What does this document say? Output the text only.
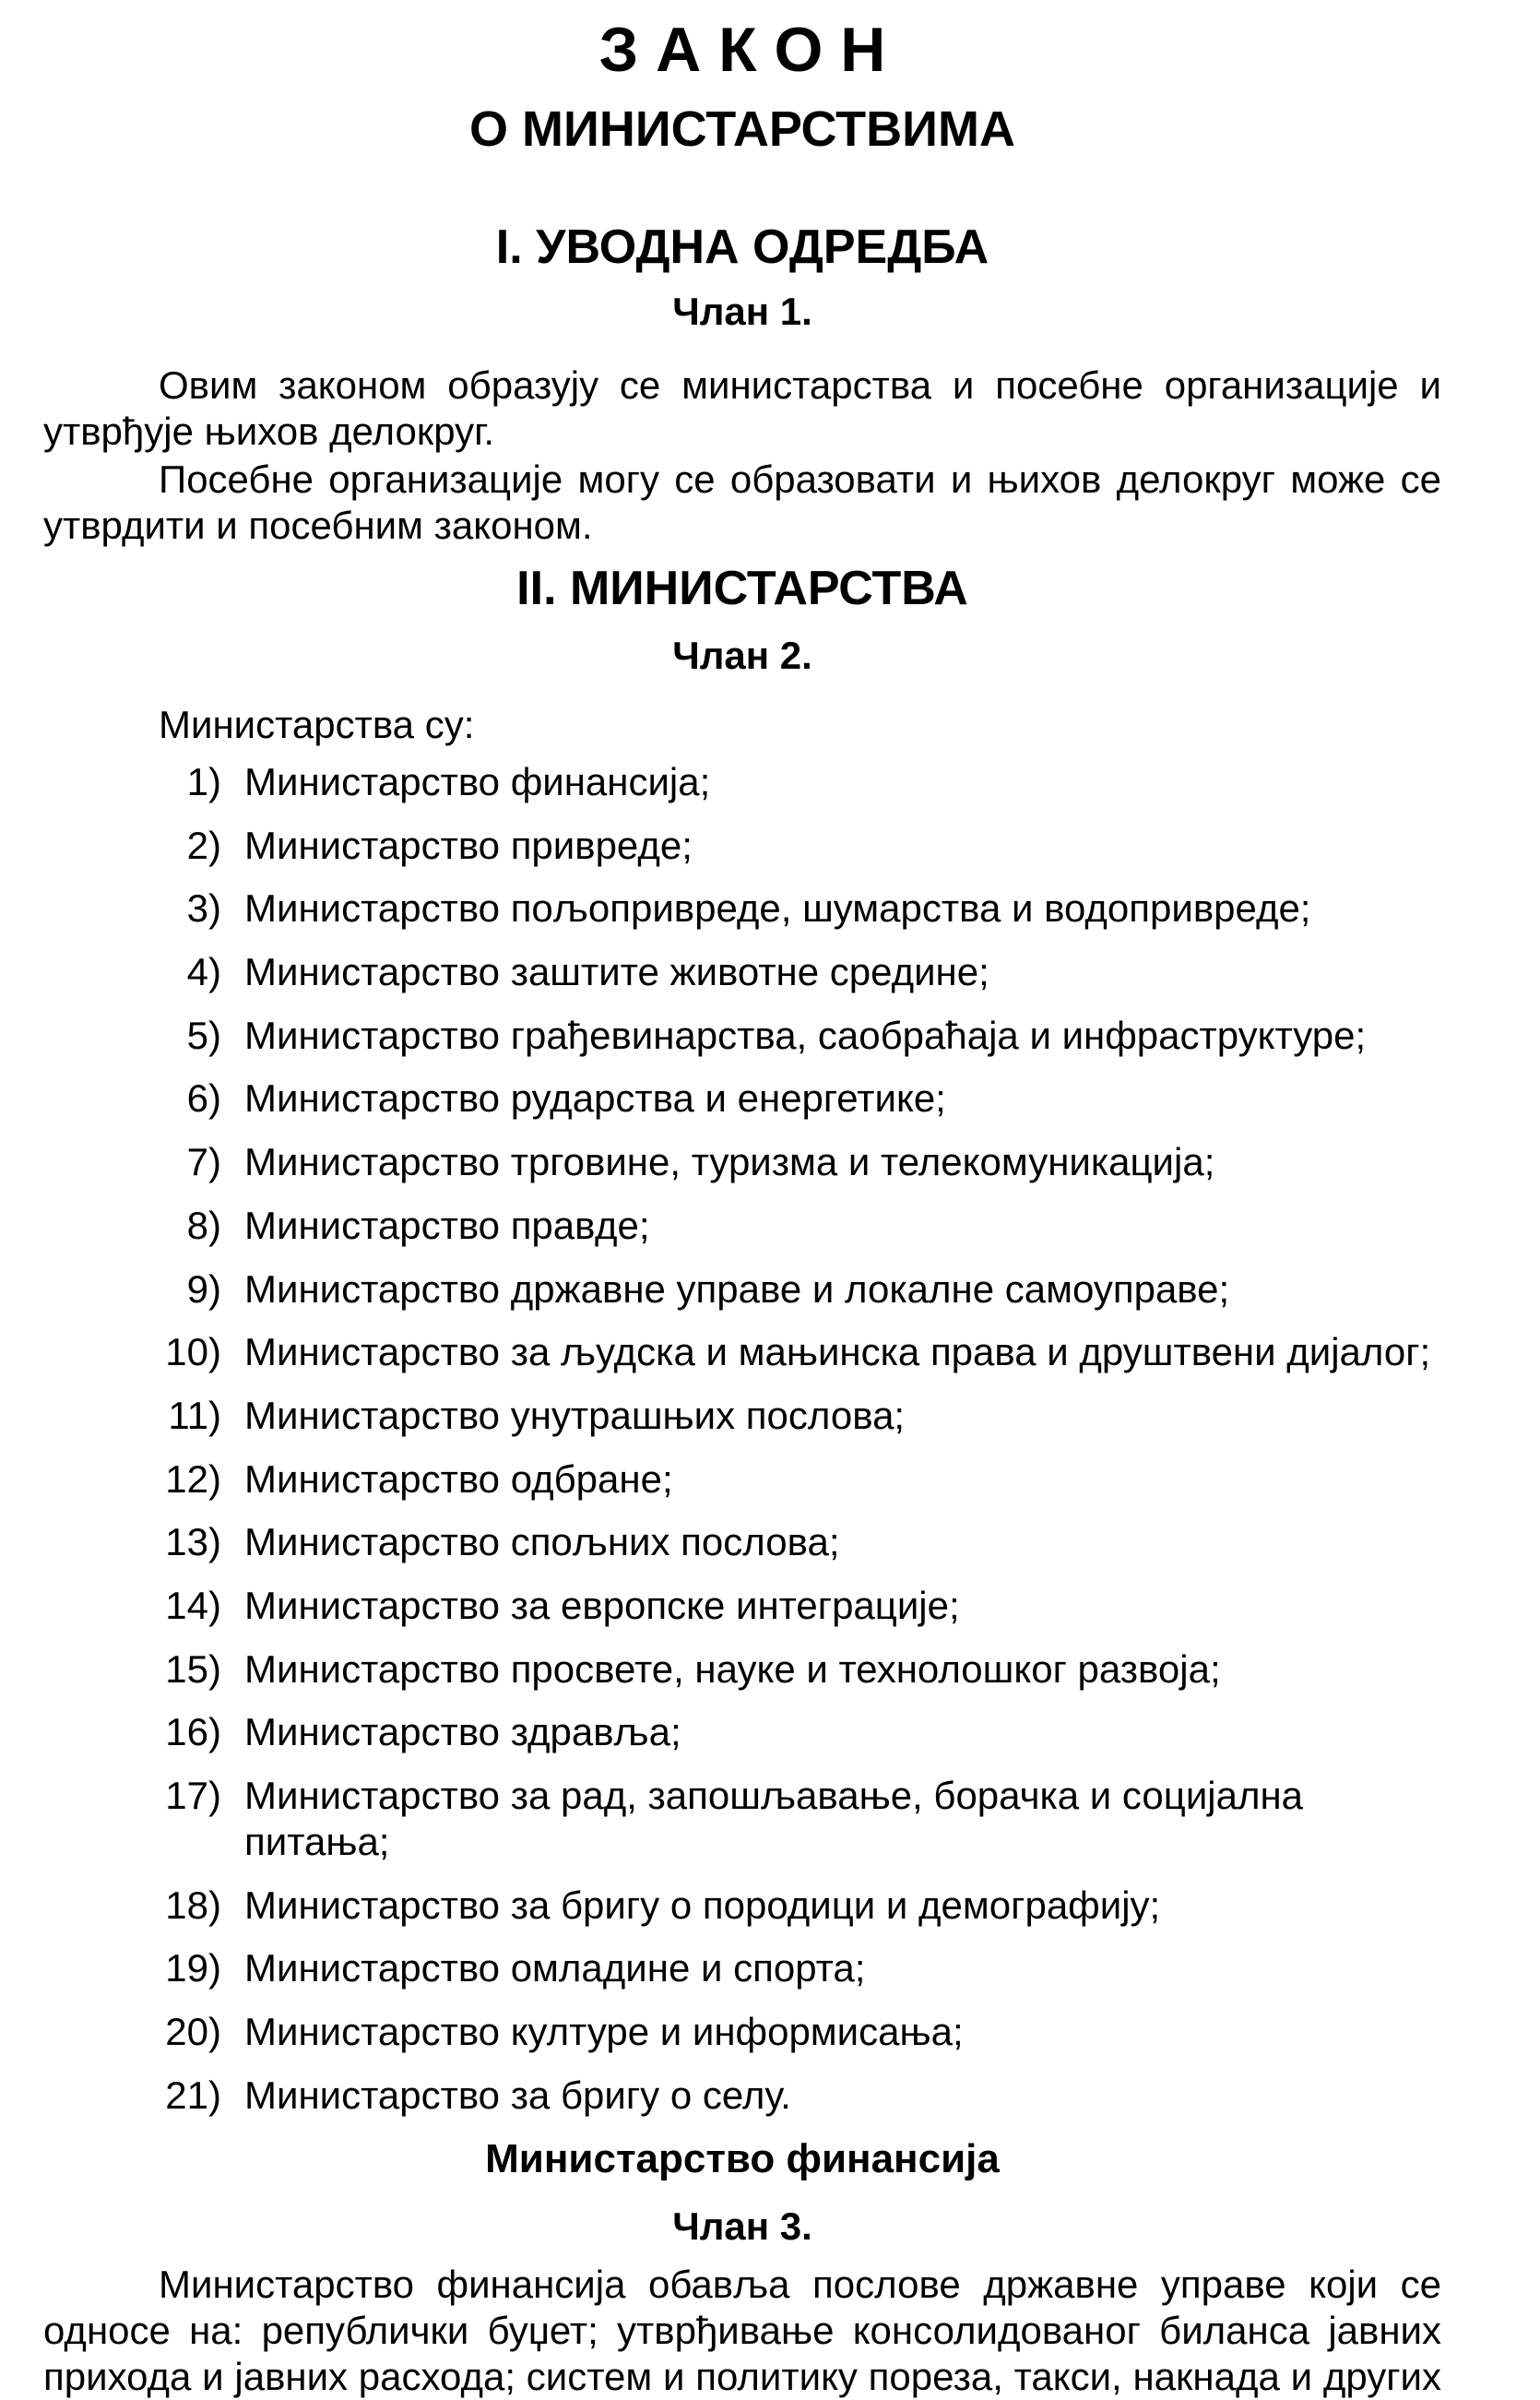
З А К О Н
О МИНИСТАРСТВИМА
I. УВОДНА ОДРЕДБА
Члан 1.
Овим законом образују се министарства и посебне организације и
утврђује њихов делокруг.
Посебне организације могу се образовати и њихов делокруг може се
утврдити и посебним законом.
II. МИНИСТАРСТВА
Члан 2.
Министарства су:
1) Министарство финансија;
2) Министарство привреде;
3) Министарство пољопривреде, шумарства и водопривреде;
4) Министарство заштите животне средине;
5) Министарство грађевинарства, саобраћаја и инфраструктуре;
6) Министарство рударства и енергетике;
7) Министарство трговине, туризма и телекомуникација;
8) Министарство правде;
9) Министарство државне управе и локалне самоуправе;
10) Министарство за људска и мањинска права и друштвени дијалог;
11) Министарство унутрашњих послова;
12) Министарство одбране;
13) Министарство спољних послова;
14) Министарство за европске интеграције;
15) Министарство просвете, науке и технолошког развоја;
16) Министарство здравља;
17) Министарство за рад, запошљавање, борачка и социјална питања;
18) Министарство за бригу о породици и демографију;
19) Министарство омладине и спорта;
20) Министарство културе и информисања;
21) Министарство за бригу о селу.
Министарство финансија
Члан 3.
Министарство финансија обавља послове државне управе који се
односе на: републички буџет; утврђивање консолидованог биланса јавних
прихода и јавних расхода; систем и политику пореза, такси, накнада и других
